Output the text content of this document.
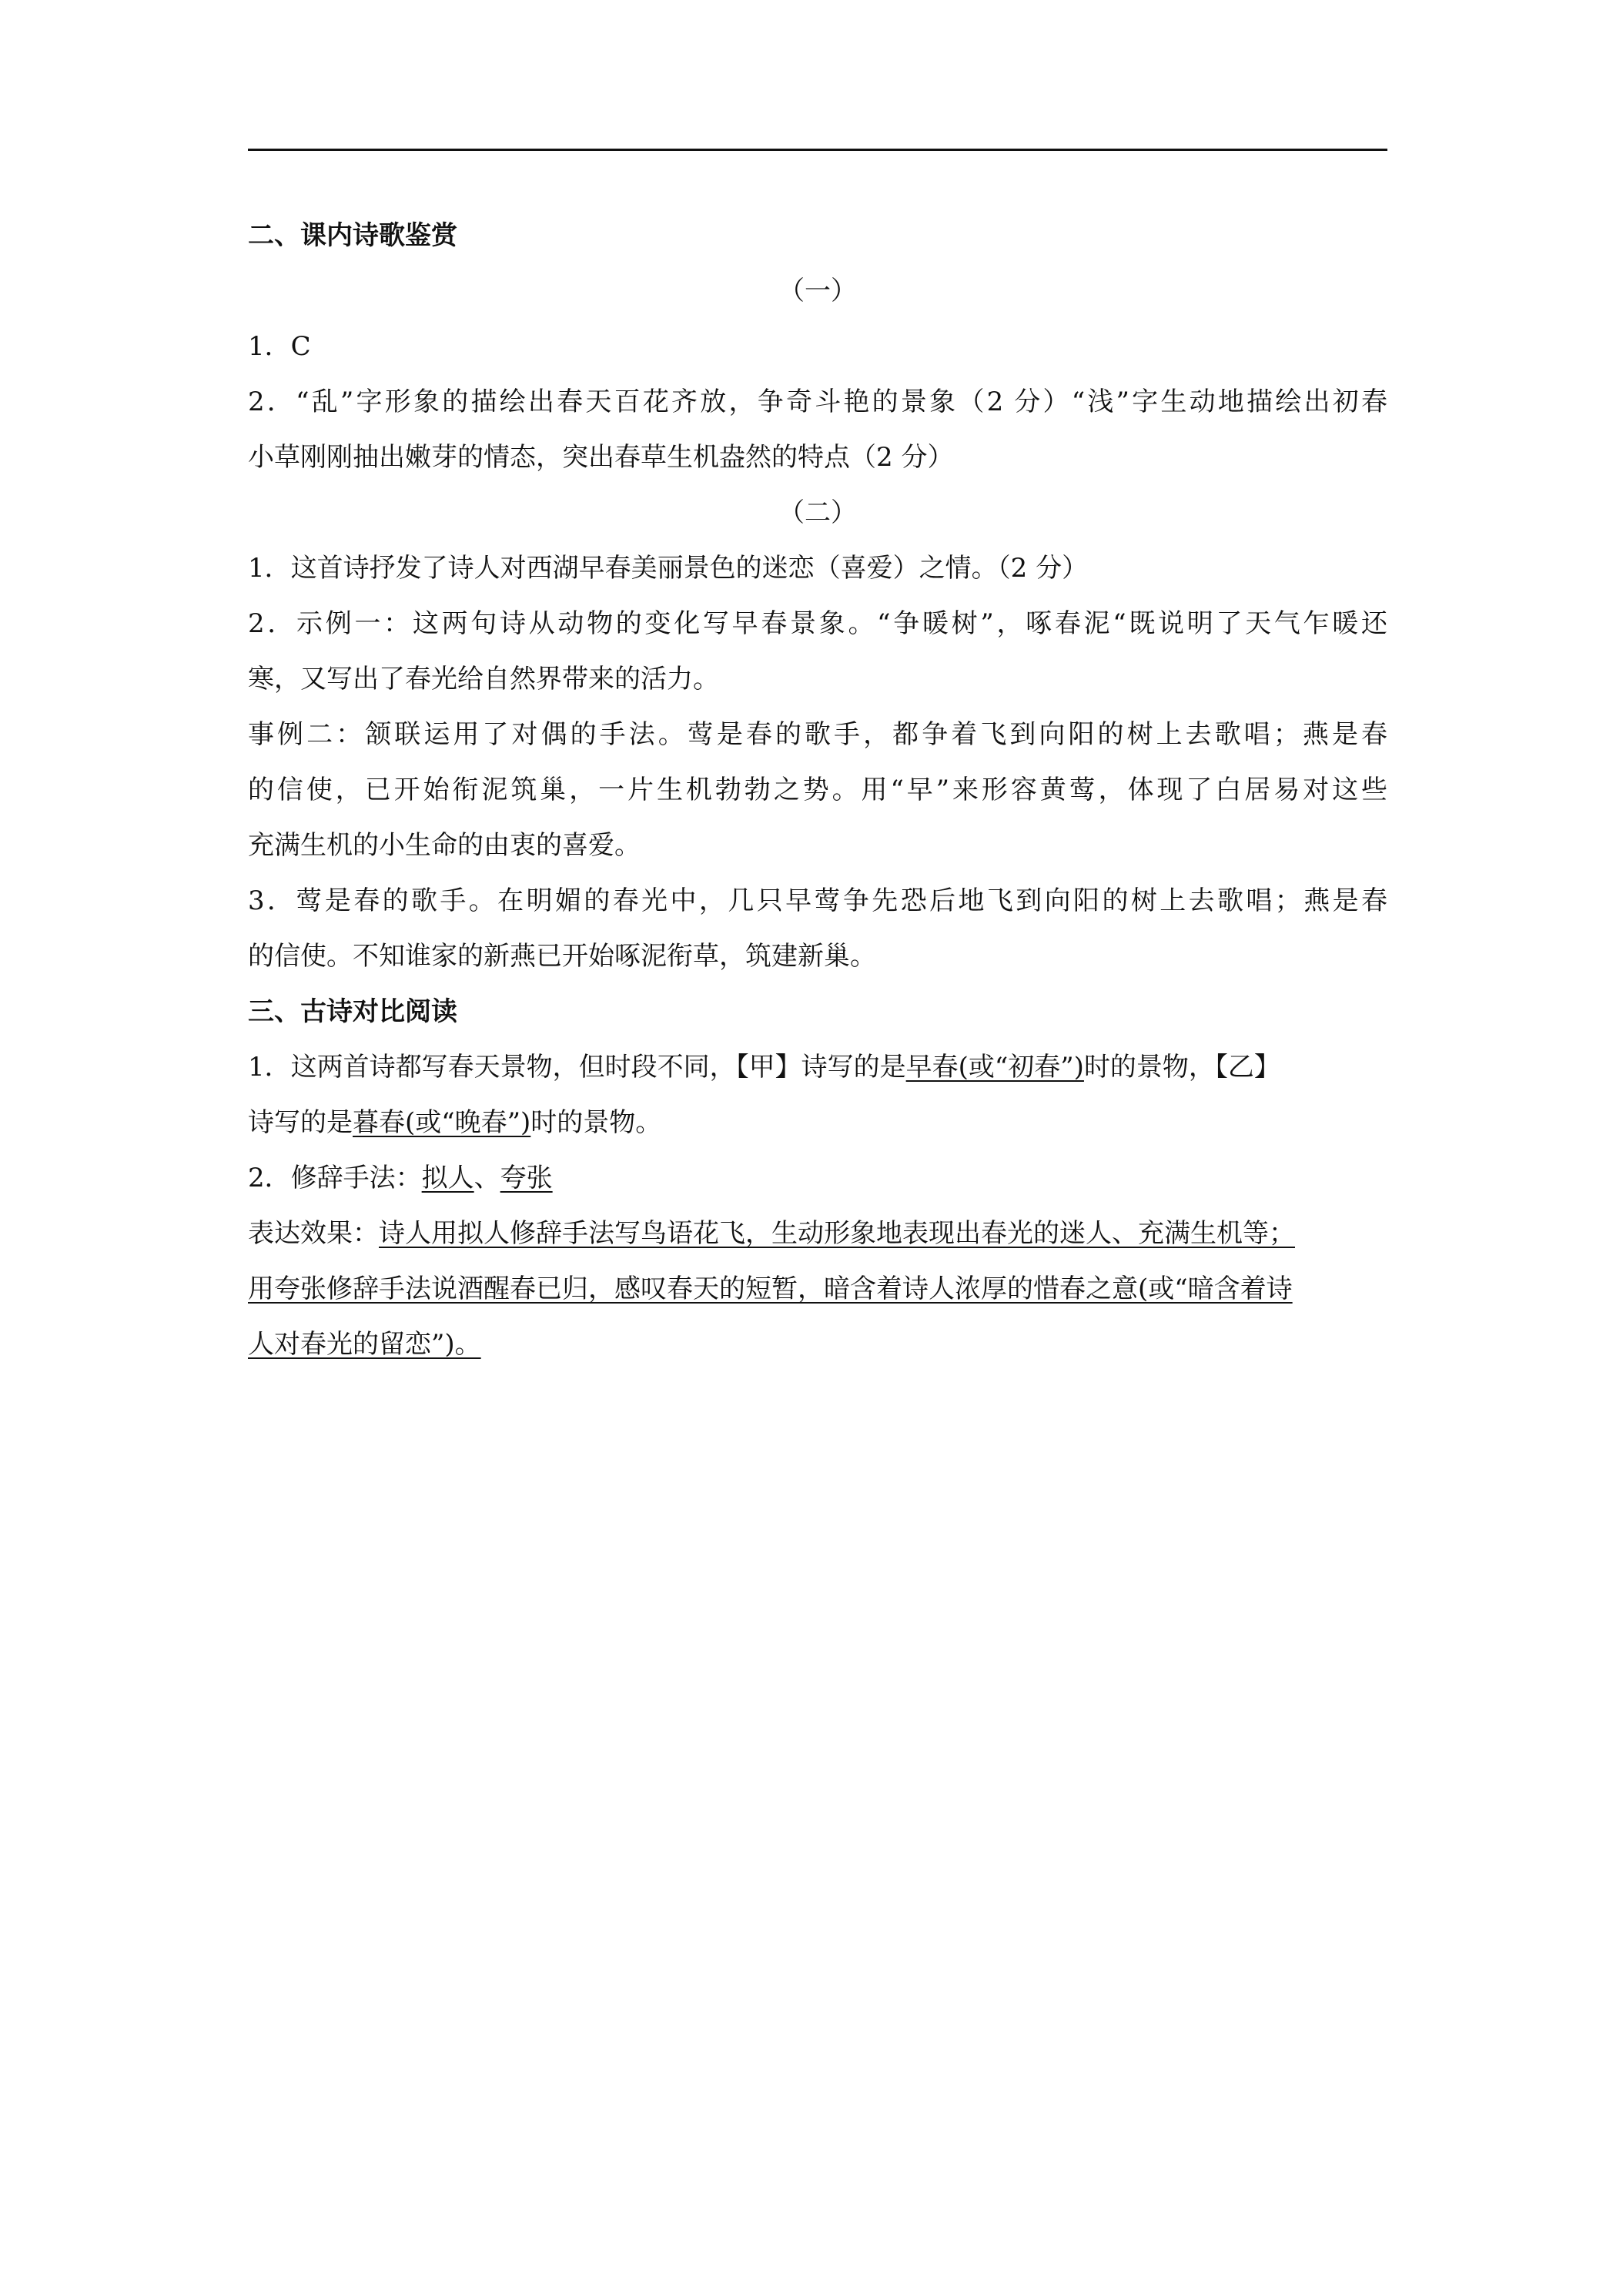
二、课内诗歌鉴赏
（一）
1．C
2．“乱”字形象的描绘出春天百花齐放，争奇斗艳的景象（2 分）“浅”字生动地描绘出初春
小草刚刚抽出嫩芽的情态，突出春草生机盎然的特点（2 分）
（二）
1．这首诗抒发了诗人对西湖早春美丽景色的迷恋（喜爱）之情。（2 分）
2．示例一：这两句诗从动物的变化写早春景象。“争暖树”，啄春泥“既说明了天气乍暖还
寒，又写出了春光给自然界带来的活力。
事例二：颔联运用了对偶的手法。莺是春的歌手，都争着飞到向阳的树上去歌唱；燕是春
的信使，已开始衔泥筑巢，一片生机勃勃之势。用“早”来形容黄莺，体现了白居易对这些
充满生机的小生命的由衷的喜爱。
3．莺是春的歌手。在明媚的春光中，几只早莺争先恐后地飞到向阳的树上去歌唱；燕是春
的信使。不知谁家的新燕已开始啄泥衔草，筑建新巢。
三、古诗对比阅读
1．这两首诗都写春天景物，但时段不同，【甲】诗写的是早春(或“初春”)时的景物，【乙】
诗写的是暮春(或“晚春”)时的景物。
2．修辞手法：拟人、夸张
表达效果：诗人用拟人修辞手法写鸟语花飞，生动形象地表现出春光的迷人、充满生机等；
用夸张修辞手法说酒醒春已归，感叹春天的短暂，暗含着诗人浓厚的惜春之意(或“暗含着诗
人对春光的留恋”)。
